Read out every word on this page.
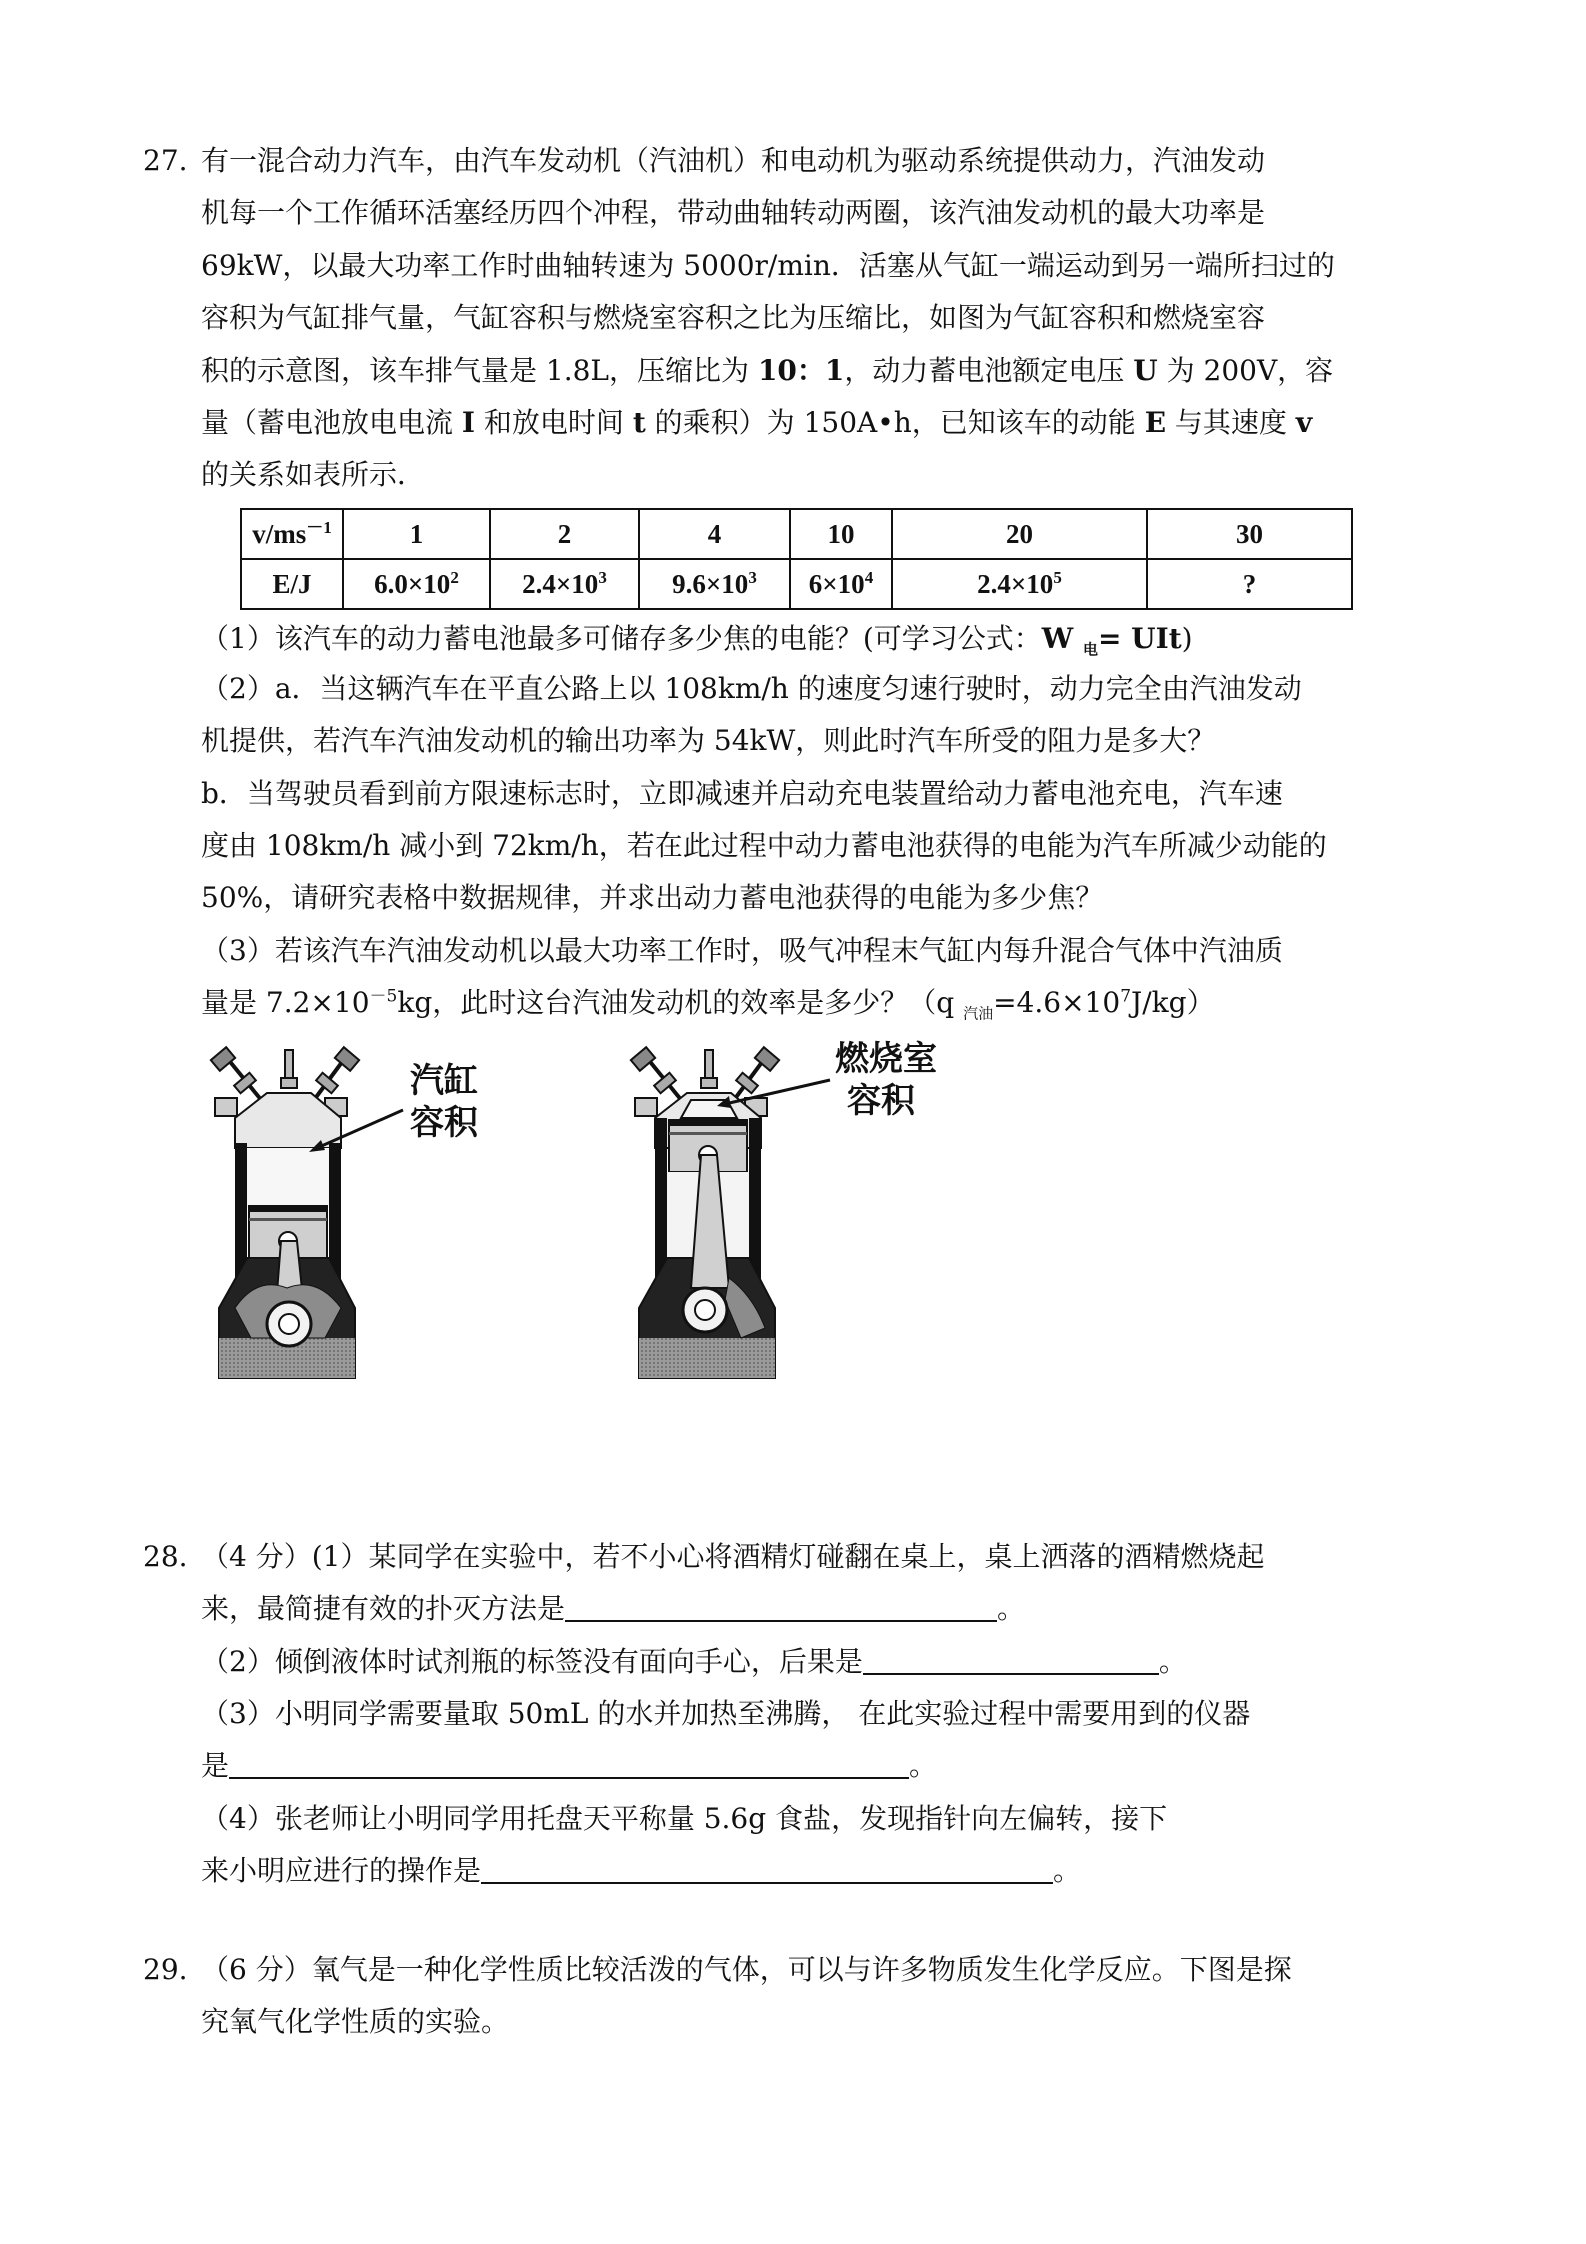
27. 有一混合动力汽车，由汽车发动机（汽油机）和电动机为驱动系统提供动力，汽油发动
机每一个工作循环活塞经历四个冲程，带动曲轴转动两圈，该汽油发动机的最大功率是
69kW，以最大功率工作时曲轴转速为 5000r/min．活塞从气缸一端运动到另一端所扫过的
容积为气缸排气量，气缸容积与燃烧室容积之比为压缩比，如图为气缸容积和燃烧室容
积的示意图，该车排气量是 1.8L，压缩比为 10：1，动力蓄电池额定电压 U 为 200V，容
量（蓄电池放电电流 I 和放电时间 t 的乘积）为 150A•h，已知该车的动能 E 与其速度 v
的关系如表所示．
$v/ms^{-1}$	1	2	4	10	20	30
E/J	$6.0\times 10^2$	$2.4\times 10^3$	$9.6\times 10^3$	$6\times 10^4$	$2.4\times 10^5$	?
（1）该汽车的动力蓄电池最多可储存多少焦的电能？(可学习公式：W $_电$= UIt)
（2）a．当这辆汽车在平直公路上以 108km/h 的速度匀速行驶时，动力完全由汽油发动
机提供，若汽车汽油发动机的输出功率为 54kW，则此时汽车所受的阻力是多大？
b．当驾驶员看到前方限速标志时，立即减速并启动充电装置给动力蓄电池充电，汽车速
度由 108km/h 减小到 72km/h，若在此过程中动力蓄电池获得的电能为汽车所减少动能的
50%，请研究表格中数据规律，并求出动力蓄电池获得的电能为多少焦？
（3）若该汽车汽油发动机以最大功率工作时，吸气冲程末气缸内每升混合气体中汽油质
量是 $7.2\times 10^{-5}kg$，此时这台汽油发动机的效率是多少？（q $_{汽油}=4.6\times 10^7J/kg$）
汽缸
容积
燃烧室
容积
28. （4 分）(1）某同学在实验中，若不小心将酒精灯碰翻在桌上，桌上洒落的酒精燃烧起
来，最简捷有效的扑灭方法是	。
（2）倾倒液体时试剂瓶的标签没有面向手心，后果是	。
（3）小明同学需要量取 50mL 的水并加热至沸腾， 在此实验过程中需要用到的仪器
是	。
（4）张老师让小明同学用托盘天平称量 5.6g 食盐，发现指针向左偏转，接下
来小明应进行的操作是	。
29. （6 分）氧气是一种化学性质比较活泼的气体，可以与许多物质发生化学反应。下图是探
究氧气化学性质的实验。
